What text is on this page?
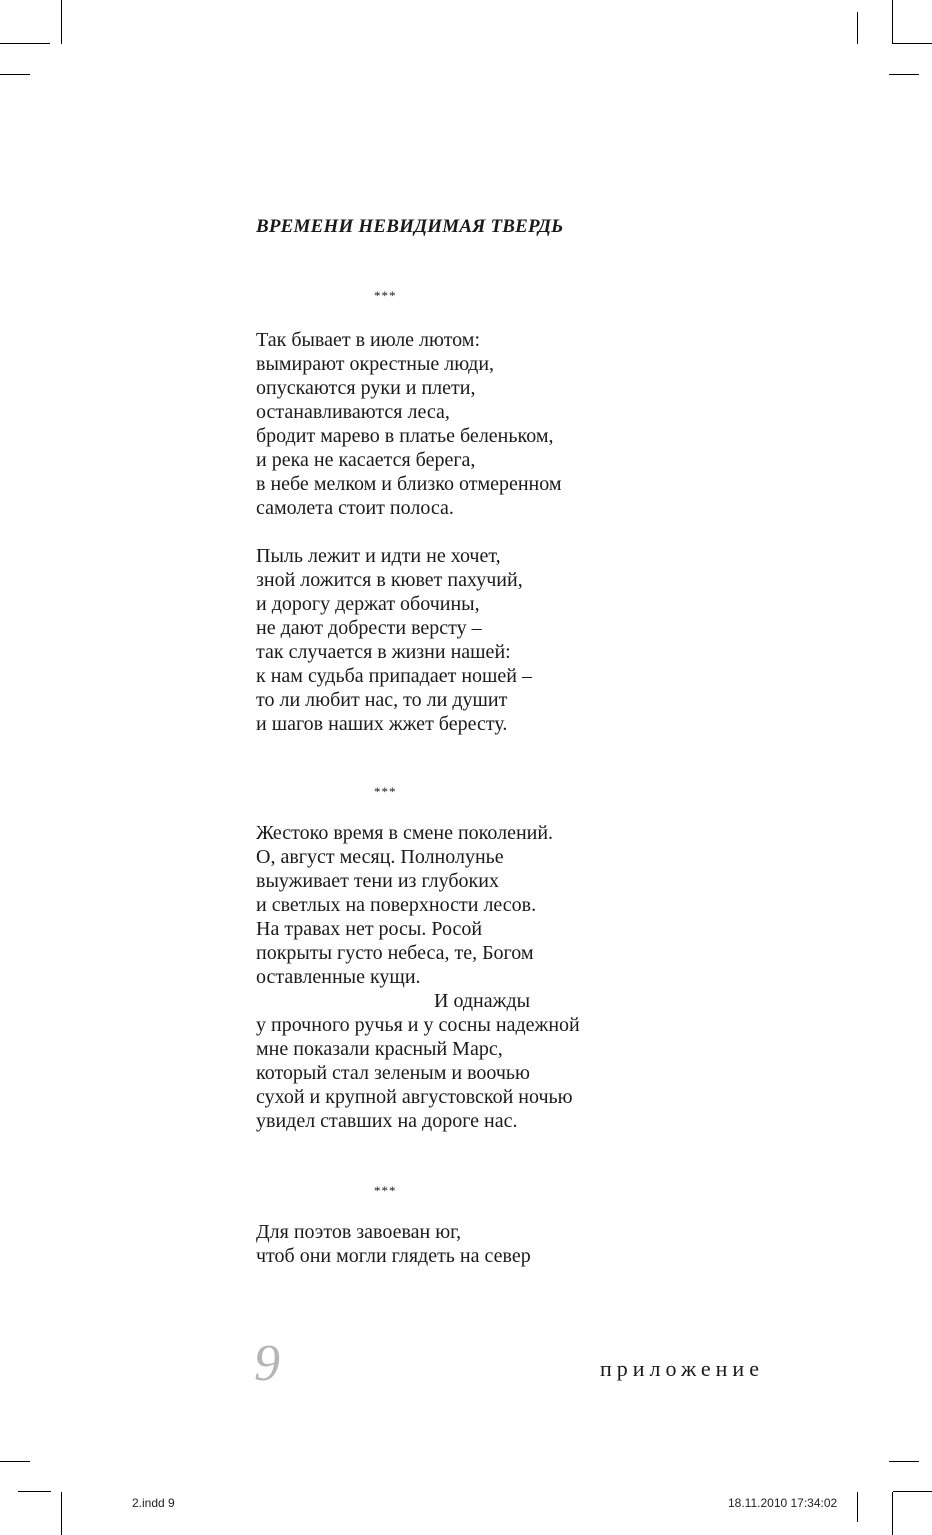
ВРЕМЕНИ НЕВИДИМАЯ ТВЕРДЬ
***
Так бывает в июле лютом:
вымирают окрестные люди,
опускаются руки и плети,
останавливаются леса,
бродит марево в платье беленьком,
и река не касается берега,
в небе мелком и близко отмеренном
самолета стоит полоса.
Пыль лежит и идти не хочет,
зной ложится в кювет пахучий,
и дорогу держат обочины,
не дают добрести версту –
так случается в жизни нашей:
к нам судьба припадает ношей –
то ли любит нас, то ли душит
и шагов наших жжет бересту.
***
Жестоко время в смене поколений.
О, август месяц. Полнолунье
выуживает тени из глубоких
и светлых на поверхности лесов.
На травах нет росы. Росой
покрыты густо небеса, те, Богом
оставленные кущи.
И однажды
у прочного ручья и у сосны надежной
мне показали красный Марс,
который стал зеленым и воочью
сухой и крупной августовской ночью
увидел ставших на дороге нас.
***
Для поэтов завоеван юг,
чтоб они могли глядеть на север
9	приложение
2.indd 9	18.11.2010 17:34:02
